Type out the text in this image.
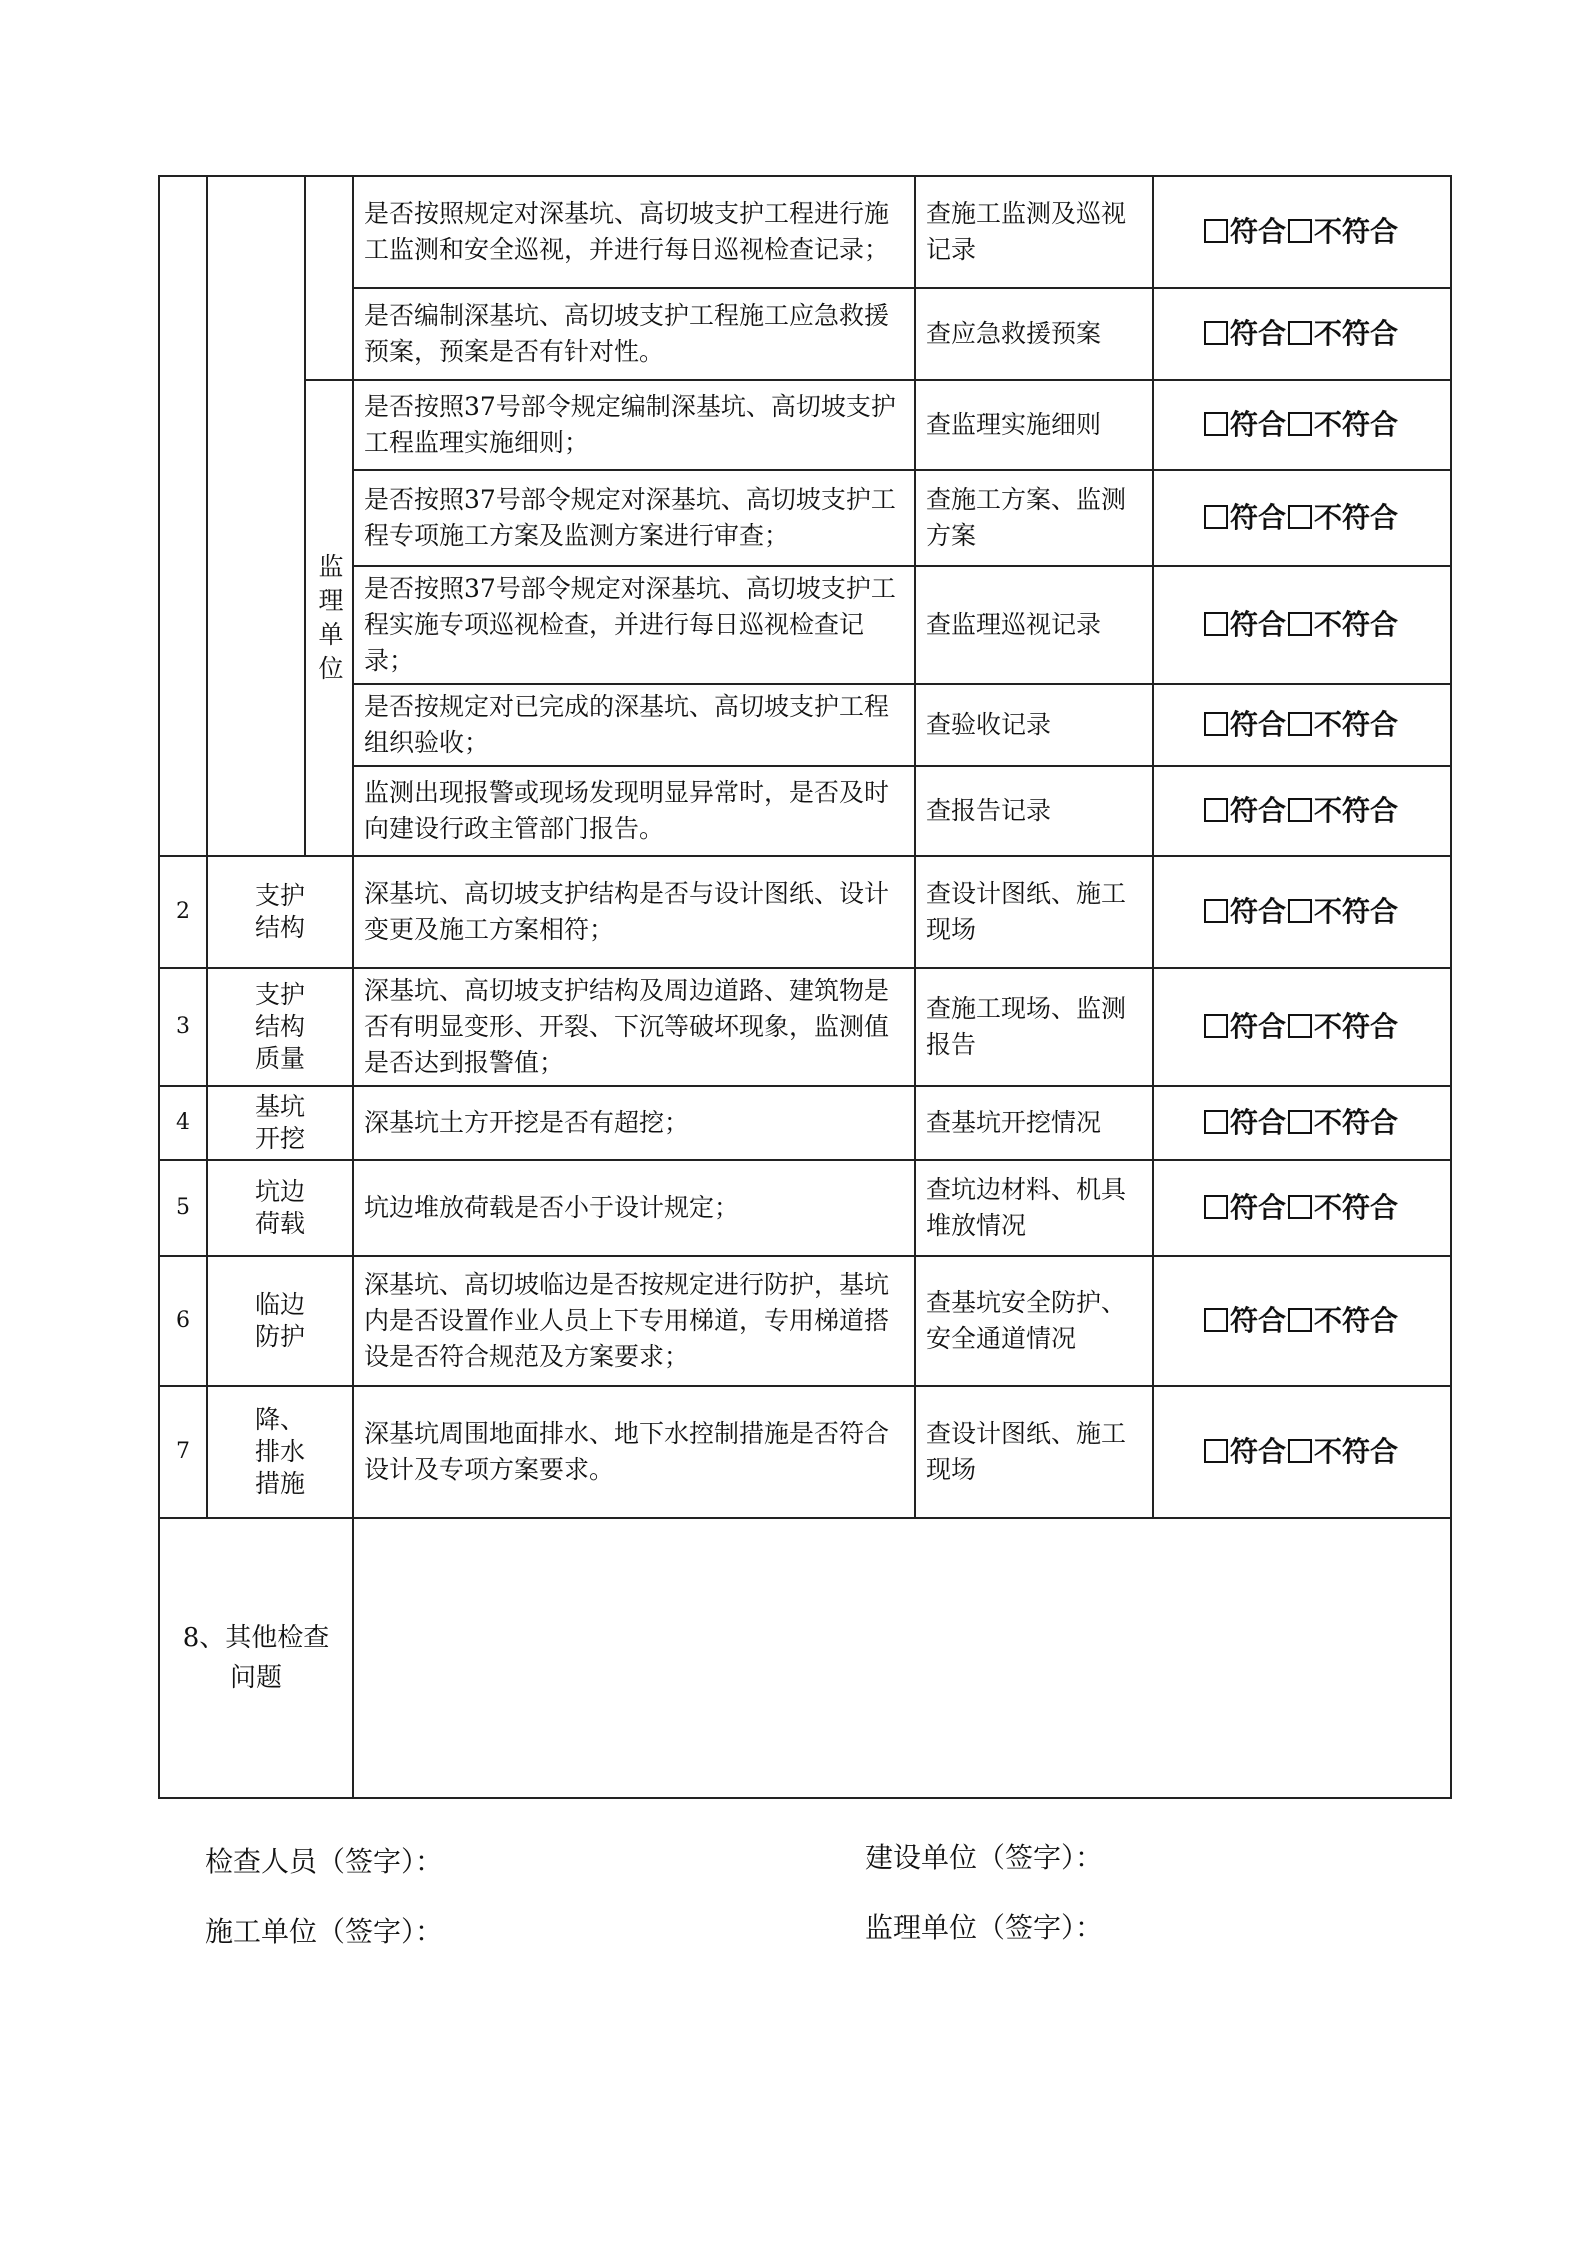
			是否按照规定对深基坑、高切坡支护工程进行施工监测和安全巡视，并进行每日巡视检查记录；	查施工监测及巡视记录	符合 不符合
			是否编制深基坑、高切坡支护工程施工应急救援预案，预案是否有针对性。	查应急救援预案	符合 不符合
		监理单位	是否按照37号部令规定编制深基坑、高切坡支护工程监理实施细则；	查监理实施细则	符合 不符合
			是否按照37号部令规定对深基坑、高切坡支护工程专项施工方案及监测方案进行审查；	查施工方案、监测方案	符合 不符合
			是否按照37号部令规定对深基坑、高切坡支护工程实施专项巡视检查，并进行每日巡视检查记录；	查监理巡视记录	符合 不符合
			是否按规定对已完成的深基坑、高切坡支护工程组织验收；	查验收记录	符合 不符合
			监测出现报警或现场发现明显异常时，是否及时向建设行政主管部门报告。	查报告记录	符合 不符合
2	支护结构		深基坑、高切坡支护结构是否与设计图纸、设计变更及施工方案相符；	查设计图纸、施工现场	符合 不符合
3	支护结构质量		深基坑、高切坡支护结构及周边道路、建筑物是否有明显变形、开裂、下沉等破坏现象，监测值是否达到报警值；	查施工现场、监测报告	符合 不符合
4	基坑开挖		深基坑土方开挖是否有超挖；	查基坑开挖情况	符合 不符合
5	坑边荷载		坑边堆放荷载是否小于设计规定；	查坑边材料、机具堆放情况	符合 不符合
6	临边防护		深基坑、高切坡临边是否按规定进行防护，基坑内是否设置作业人员上下专用梯道，专用梯道搭设是否符合规范及方案要求；	查基坑安全防护、安全通道情况	符合 不符合
7	降、排水措施		深基坑周围地面排水、地下水控制措施是否符合设计及专项方案要求。	查设计图纸、施工现场	符合 不符合
8、其他检查问题					
检查人员（签字）：	建设单位（签字）：
施工单位（签字）：	监理单位（签字）：
